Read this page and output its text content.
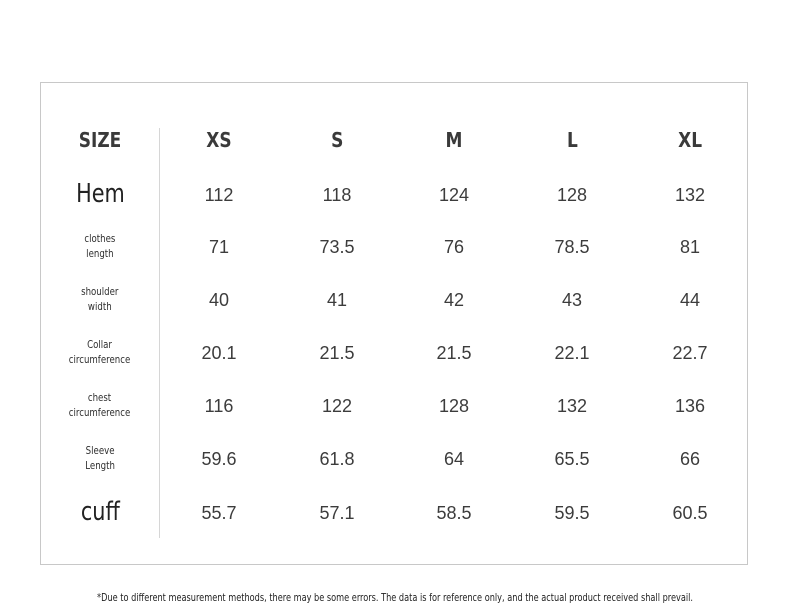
SIZE	XS	S	M	L	XL
Hem	112	118	124	128	132
clothes
length	71	73.5	76	78.5	81
shoulder
width	40	41	42	43	44
Collar
circumference	20.1	21.5	21.5	22.1	22.7
chest
circumference	116	122	128	132	136
Sleeve
Length	59.6	61.8	64	65.5	66
cuff	55.7	57.1	58.5	59.5	60.5
*Due to different measurement methods, there may be some errors. The data is for reference only, and the actual product received shall prevail.
